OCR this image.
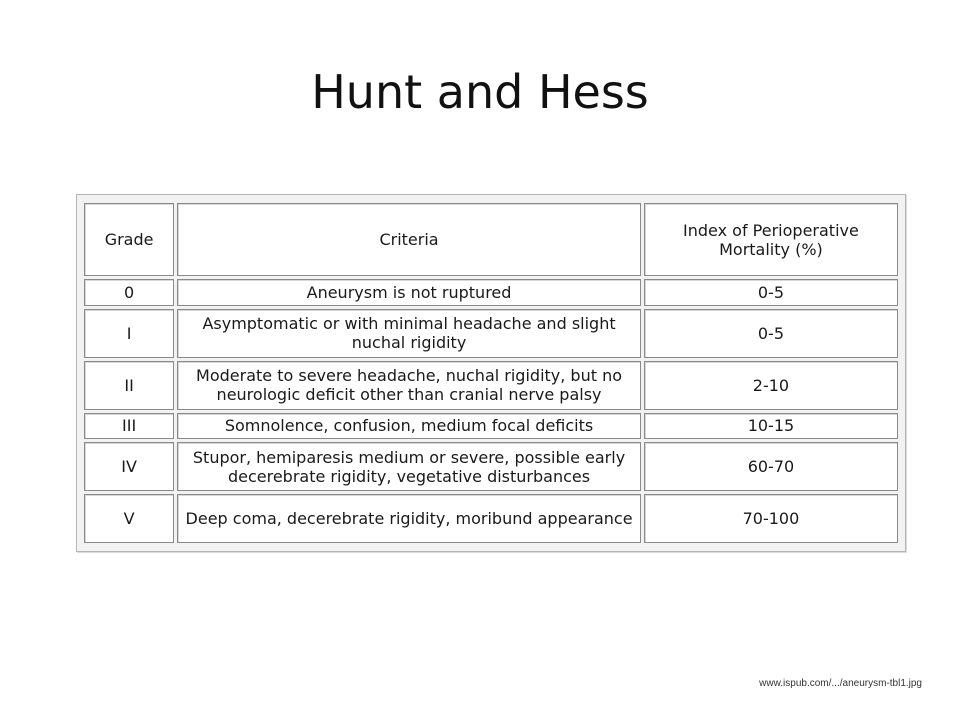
Hunt and Hess
Grade	Criteria	Index of Perioperative Mortality (%)
0	Aneurysm is not ruptured	0-5
I	Asymptomatic or with minimal headache and slight nuchal rigidity	0-5
II	Moderate to severe headache, nuchal rigidity, but no neurologic deficit other than cranial nerve palsy	2-10
III	Somnolence, confusion, medium focal deficits	10-15
IV	Stupor, hemiparesis medium or severe, possible early decerebrate rigidity, vegetative disturbances	60-70
V	Deep coma, decerebrate rigidity, moribund appearance	70-100
www.ispub.com/.../aneurysm-tbl1.jpg
